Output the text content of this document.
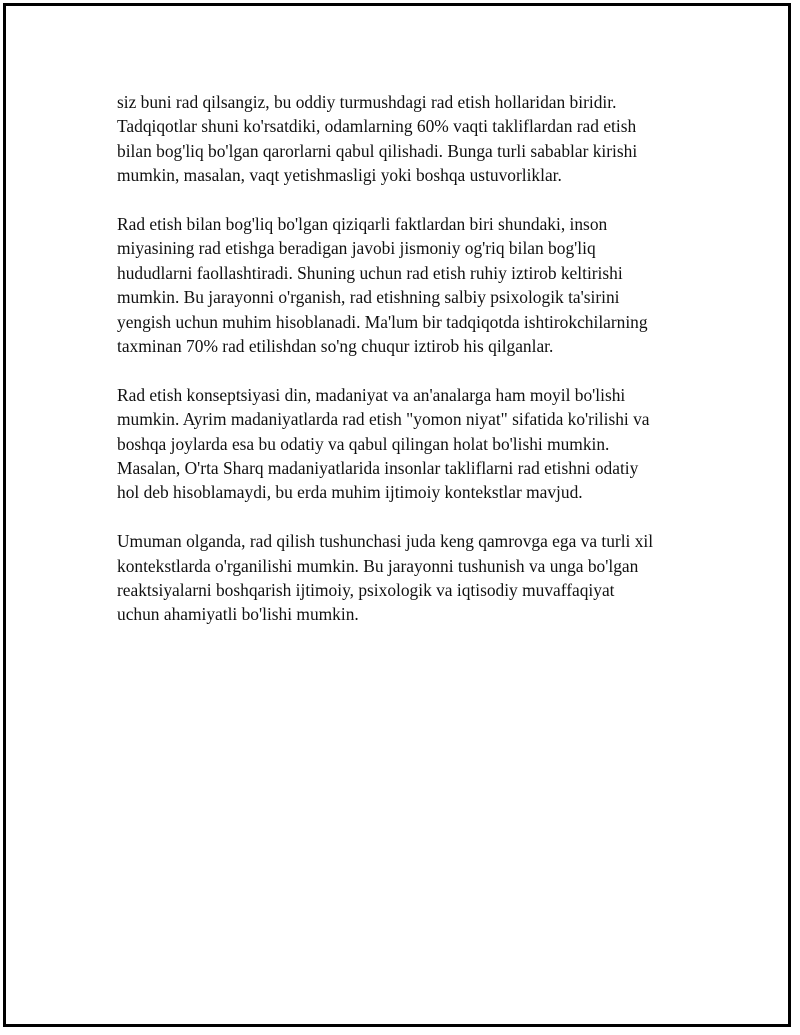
siz buni rad qilsangiz, bu oddiy turmushdagi rad etish hollaridan biridir.
Tadqiqotlar shuni ko'rsatdiki, odamlarning 60% vaqti takliflardan rad etish
bilan bog'liq bo'lgan qarorlarni qabul qilishadi. Bunga turli sabablar kirishi
mumkin, masalan, vaqt yetishmasligi yoki boshqa ustuvorliklar.

Rad etish bilan bog'liq bo'lgan qiziqarli faktlardan biri shundaki, inson
miyasining rad etishga beradigan javobi jismoniy og'riq bilan bog'liq
hududlarni faollashtiradi. Shuning uchun rad etish ruhiy iztirob keltirishi
mumkin. Bu jarayonni o'rganish, rad etishning salbiy psixologik ta'sirini
yengish uchun muhim hisoblanadi. Ma'lum bir tadqiqotda ishtirokchilarning
taxminan 70% rad etilishdan so'ng chuqur iztirob his qilganlar.

Rad etish konseptsiyasi din, madaniyat va an'analarga ham moyil bo'lishi
mumkin. Ayrim madaniyatlarda rad etish "yomon niyat" sifatida ko'rilishi va
boshqa joylarda esa bu odatiy va qabul qilingan holat bo'lishi mumkin.
Masalan, O'rta Sharq madaniyatlarida insonlar takliflarni rad etishni odatiy
hol deb hisoblamaydi, bu erda muhim ijtimoiy kontekstlar mavjud.

Umuman olganda, rad qilish tushunchasi juda keng qamrovga ega va turli xil
kontekstlarda o'rganilishi mumkin. Bu jarayonni tushunish va unga bo'lgan
reaktsiyalarni boshqarish ijtimoiy, psixologik va iqtisodiy muvaffaqiyat
uchun ahamiyatli bo'lishi mumkin.
